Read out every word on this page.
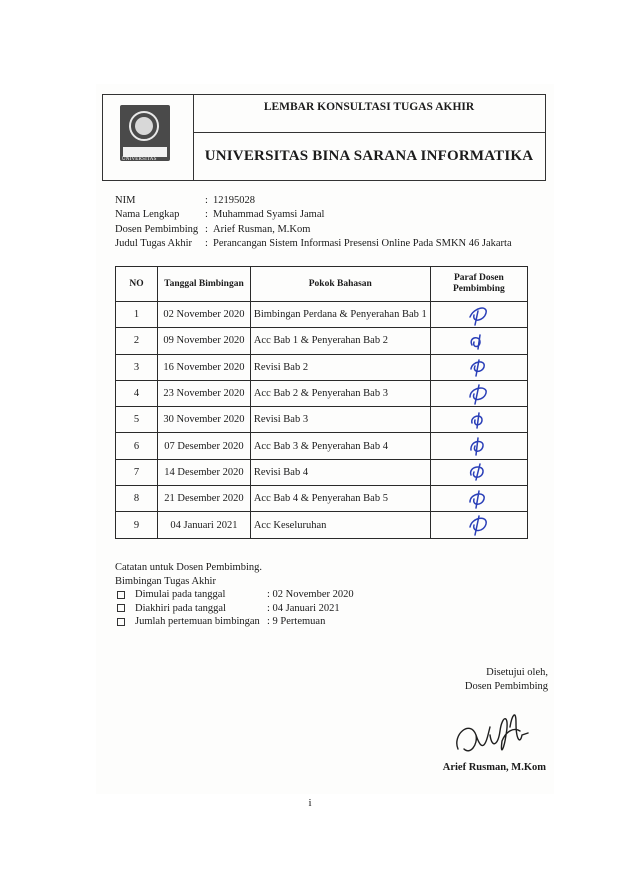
UNIVERSITAS
LEMBAR KONSULTASI TUGAS AKHIR
UNIVERSITAS BINA SARANA INFORMATIKA
NIM	: 12195028
Nama Lengkap : Muhammad Syamsi Jamal
Dosen Pembimbing : Arief Rusman, M.Kom
Judul Tugas Akhir : Perancangan Sistem Informasi Presensi Online Pada SMKN 46 Jakarta
NO	Tanggal Bimbingan	Pokok Bahasan	Paraf Dosen Pembimbing
1	02 November 2020	Bimbingan Perdana & Penyerahan Bab 1	

2	09 November 2020	Acc Bab 1 & Penyerahan Bab 2	

3	16 November 2020	Revisi Bab 2	

4	23 November 2020	Acc Bab 2 & Penyerahan Bab 3	

5	30 November 2020	Revisi Bab 3	

6	07 Desember 2020	Acc Bab 3 & Penyerahan Bab 4	

7	14 Desember 2020	Revisi Bab 4	

8	21 Desember 2020	Acc Bab 4 & Penyerahan Bab 5	

9	04 Januari 2021	Acc Keseluruhan	
Catatan untuk Dosen Pembimbing.
Bimbingan Tugas Akhir
Dimulai pada tanggal	: 02 November 2020
Diakhiri pada tanggal	: 04 Januari 2021
Jumlah pertemuan bimbingan : 9 Pertemuan
Disetujui oleh,
Dosen Pembimbing
Arief Rusman, M.Kom
i
